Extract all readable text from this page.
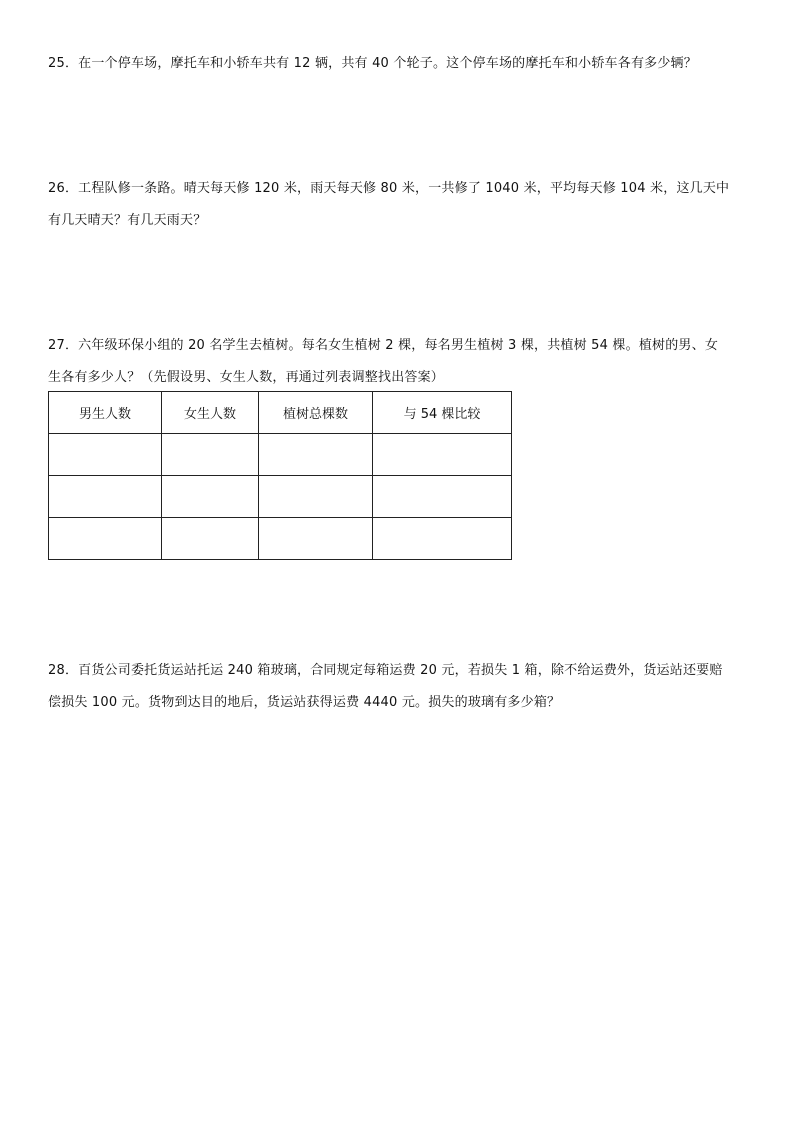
25．在一个停车场，摩托车和小轿车共有 12 辆，共有 40 个轮子。这个停车场的摩托车和小轿车各有多少辆？

26．工程队修一条路。晴天每天修 120 米，雨天每天修 80 米，一共修了 1040 米，平均每天修 104 米，这几天中

有几天晴天？有几天雨天？

27．六年级环保小组的 20 名学生去植树。每名女生植树 2 棵，每名男生植树 3 棵，共植树 54 棵。植树的男、女

生各有多少人？（先假设男、女生人数，再通过列表调整找出答案）

男生人数	女生人数	植树总棵数	与 54 棵比较

28．百货公司委托货运站托运 240 箱玻璃，合同规定每箱运费 20 元，若损失 1 箱，除不给运费外，货运站还要赔

偿损失 100 元。货物到达目的地后，货运站获得运费 4440 元。损失的玻璃有多少箱？
